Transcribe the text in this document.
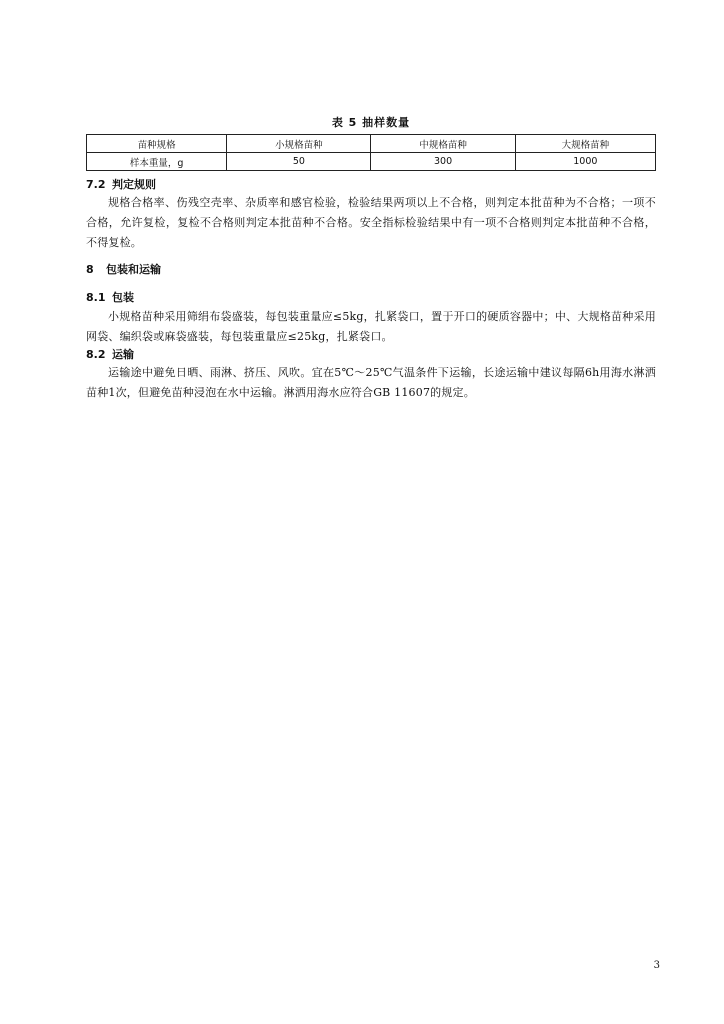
表 5 抽样数量
苗种规格	小规格苗种	中规格苗种	大规格苗种
样本重量，g	50	300	1000
7.2 判定规则
规格合格率、伤残空壳率、杂质率和感官检验，检验结果两项以上不合格，则判定本批苗种为不合格；一项不合格，允许复检，复检不合格则判定本批苗种不合格。安全指标检验结果中有一项不合格则判定本批苗种不合格，不得复检。
8 包装和运输
8.1 包装
小规格苗种采用筛绢布袋盛装，每包装重量应≤5kg，扎紧袋口，置于开口的硬质容器中；中、大规格苗种采用网袋、编织袋或麻袋盛装，每包装重量应≤25kg，扎紧袋口。
8.2 运输
运输途中避免日晒、雨淋、挤压、风吹。宜在5℃～25℃气温条件下运输，长途运输中建议每隔6h用海水淋洒苗种1次，但避免苗种浸泡在水中运输。淋洒用海水应符合GB 11607的规定。
3
